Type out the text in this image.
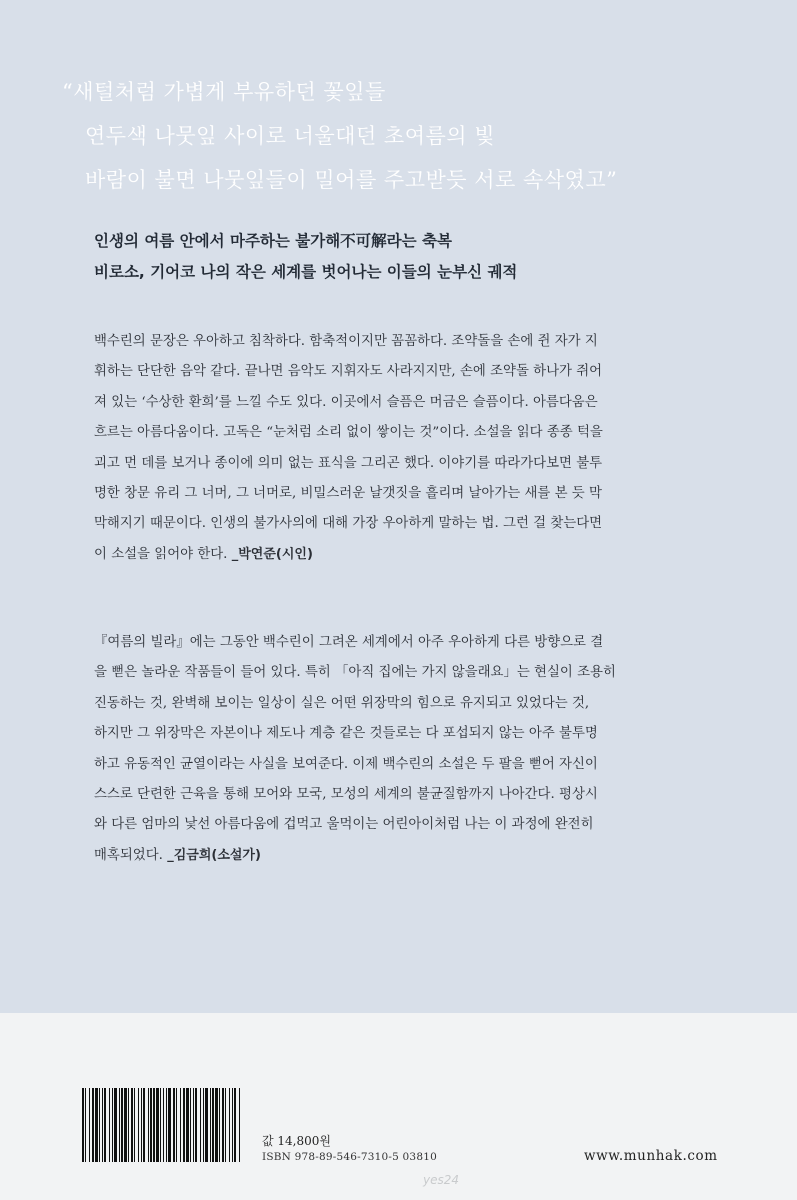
“새털처럼 가볍게 부유하던 꽃잎들
연두색 나뭇잎 사이로 너울대던 초여름의 빛
바람이 불면 나뭇잎들이 밀어를 주고받듯 서로 속삭였고”
인생의 여름 안에서 마주하는 불가해不可解라는 축복
비로소, 기어코 나의 작은 세계를 벗어나는 이들의 눈부신 궤적
백수린의 문장은 우아하고 침착하다. 함축적이지만 꼼꼼하다. 조약돌을 손에 쥔 자가 지
휘하는 단단한 음악 같다. 끝나면 음악도 지휘자도 사라지지만, 손에 조약돌 하나가 쥐어
져 있는 ‘수상한 환희’를 느낄 수도 있다. 이곳에서 슬픔은 머금은 슬픔이다. 아름다움은
흐르는 아름다움이다. 고독은 “눈처럼 소리 없이 쌓이는 것”이다. 소설을 읽다 종종 턱을
괴고 먼 데를 보거나 종이에 의미 없는 표식을 그리곤 했다. 이야기를 따라가다보면 불투
명한 창문 유리 그 너머, 그 너머로, 비밀스러운 날갯짓을 흘리며 날아가는 새를 본 듯 막
막해지기 때문이다. 인생의 불가사의에 대해 가장 우아하게 말하는 법. 그런 걸 찾는다면
이 소설을 읽어야 한다. _박연준(시인)
『여름의 빌라』에는 그동안 백수린이 그려온 세계에서 아주 우아하게 다른 방향으로 결
을 뻗은 놀라운 작품들이 들어 있다. 특히 「아직 집에는 가지 않을래요」는 현실이 조용히
진동하는 것, 완벽해 보이는 일상이 실은 어떤 위장막의 힘으로 유지되고 있었다는 것,
하지만 그 위장막은 자본이나 제도나 계층 같은 것들로는 다 포섭되지 않는 아주 불투명
하고 유동적인 균열이라는 사실을 보여준다. 이제 백수린의 소설은 두 팔을 뻗어 자신이
스스로 단련한 근육을 통해 모어와 모국, 모성의 세계의 불균질함까지 나아간다. 평상시
와 다른 엄마의 낯선 아름다움에 겁먹고 울먹이는 어린아이처럼 나는 이 과정에 완전히
매혹되었다. _김금희(소설가)
값 14,800원
ISBN 978-89-546-7310-5 03810	www.munhak.com
yes24
